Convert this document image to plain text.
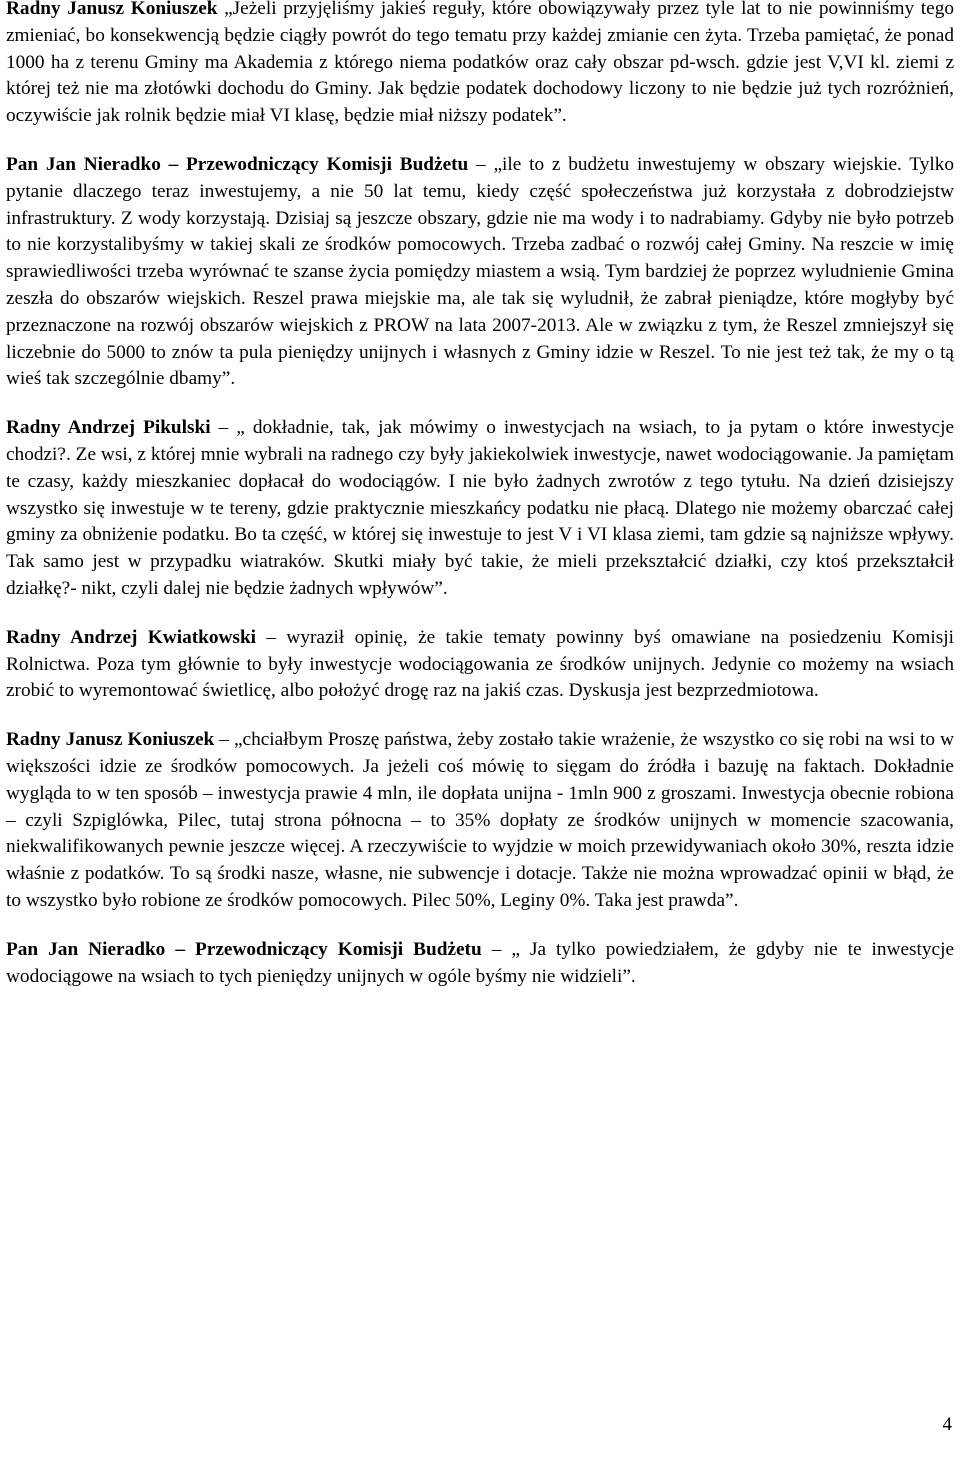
Radny Janusz Koniuszek „Jeżeli przyjęliśmy jakieś reguły, które obowiązywały przez tyle lat to nie powinniśmy tego zmieniać, bo konsekwencją będzie ciągły powrót do tego tematu przy każdej zmianie cen żyta. Trzeba pamiętać, że ponad 1000 ha z terenu Gminy ma Akademia z którego niema podatków oraz cały obszar pd-wsch. gdzie jest V,VI kl. ziemi z której też nie ma złotówki dochodu do Gminy. Jak będzie podatek dochodowy liczony to nie będzie już tych rozróżnień, oczywiście jak rolnik będzie miał VI klasę, będzie miał niższy podatek”.

Pan Jan Nieradko – Przewodniczący Komisji Budżetu – „ile to z budżetu inwestujemy w obszary wiejskie. Tylko pytanie dlaczego teraz inwestujemy, a nie 50 lat temu, kiedy część społeczeństwa już korzystała z dobrodziejstw infrastruktury. Z wody korzystają. Dzisiaj są jeszcze obszary, gdzie nie ma wody i to nadrabiamy. Gdyby nie było potrzeb to nie korzystalibyśmy w takiej skali ze środków pomocowych. Trzeba zadbać o rozwój całej Gminy. Na reszcie w imię sprawiedliwości trzeba wyrównać te szanse życia pomiędzy miastem a wsią. Tym bardziej że poprzez wyludnienie Gmina zeszła do obszarów wiejskich. Reszel prawa miejskie ma, ale tak się wyludnił, że zabrał pieniądze, które mogłyby być przeznaczone na rozwój obszarów wiejskich z PROW na lata 2007-2013. Ale w związku z tym, że Reszel zmniejszył się liczebnie do 5000 to znów ta pula pieniędzy unijnych i własnych z Gminy idzie w Reszel. To nie jest też tak, że my o tą wieś tak szczególnie dbamy”.

Radny Andrzej Pikulski – „ dokładnie, tak, jak mówimy o inwestycjach na wsiach, to ja pytam o które inwestycje chodzi?. Ze wsi, z której mnie wybrali na radnego czy były jakiekolwiek inwestycje, nawet wodociągowanie. Ja pamiętam te czasy, każdy mieszkaniec dopłacał do wodociągów. I nie było żadnych zwrotów z tego tytułu. Na dzień dzisiejszy wszystko się inwestuje w te tereny, gdzie praktycznie mieszkańcy podatku nie płacą. Dlatego nie możemy obarczać całej gminy za obniżenie podatku. Bo ta część, w której się inwestuje to jest V i VI klasa ziemi, tam gdzie są najniższe wpływy. Tak samo jest w przypadku wiatraków. Skutki miały być takie, że mieli przekształcić działki, czy ktoś przekształcił działkę?- nikt, czyli dalej nie będzie żadnych wpływów”.

Radny Andrzej Kwiatkowski – wyraził opinię, że takie tematy powinny byś omawiane na posiedzeniu Komisji Rolnictwa. Poza tym głównie to były inwestycje wodociągowania ze środków unijnych. Jedynie co możemy na wsiach zrobić to wyremontować świetlicę, albo położyć drogę raz na jakiś czas. Dyskusja jest bezprzedmiotowa.

Radny Janusz Koniuszek – „chciałbym Proszę państwa, żeby zostało takie wrażenie, że wszystko co się robi na wsi to w większości idzie ze środków pomocowych. Ja jeżeli coś mówię to sięgam do źródła i bazuję na faktach. Dokładnie wygląda to w ten sposób – inwestycja prawie 4 mln, ile dopłata unijna - 1mln 900 z groszami. Inwestycja obecnie robiona – czyli Szpiglówka, Pilec, tutaj strona północna – to 35% dopłaty ze środków unijnych w momencie szacowania, niekwalifikowanych pewnie jeszcze więcej. A rzeczywiście to wyjdzie w moich przewidywaniach około 30%, reszta idzie właśnie z podatków. To są środki nasze, własne, nie subwencje i dotacje. Także nie można wprowadzać opinii w błąd, że to wszystko było robione ze środków pomocowych. Pilec 50%, Leginy 0%. Taka jest prawda”.

Pan Jan Nieradko – Przewodniczący Komisji Budżetu – „ Ja tylko powiedziałem, że gdyby nie te inwestycje wodociągowe na wsiach to tych pieniędzy unijnych w ogóle byśmy nie widzieli”.

4
